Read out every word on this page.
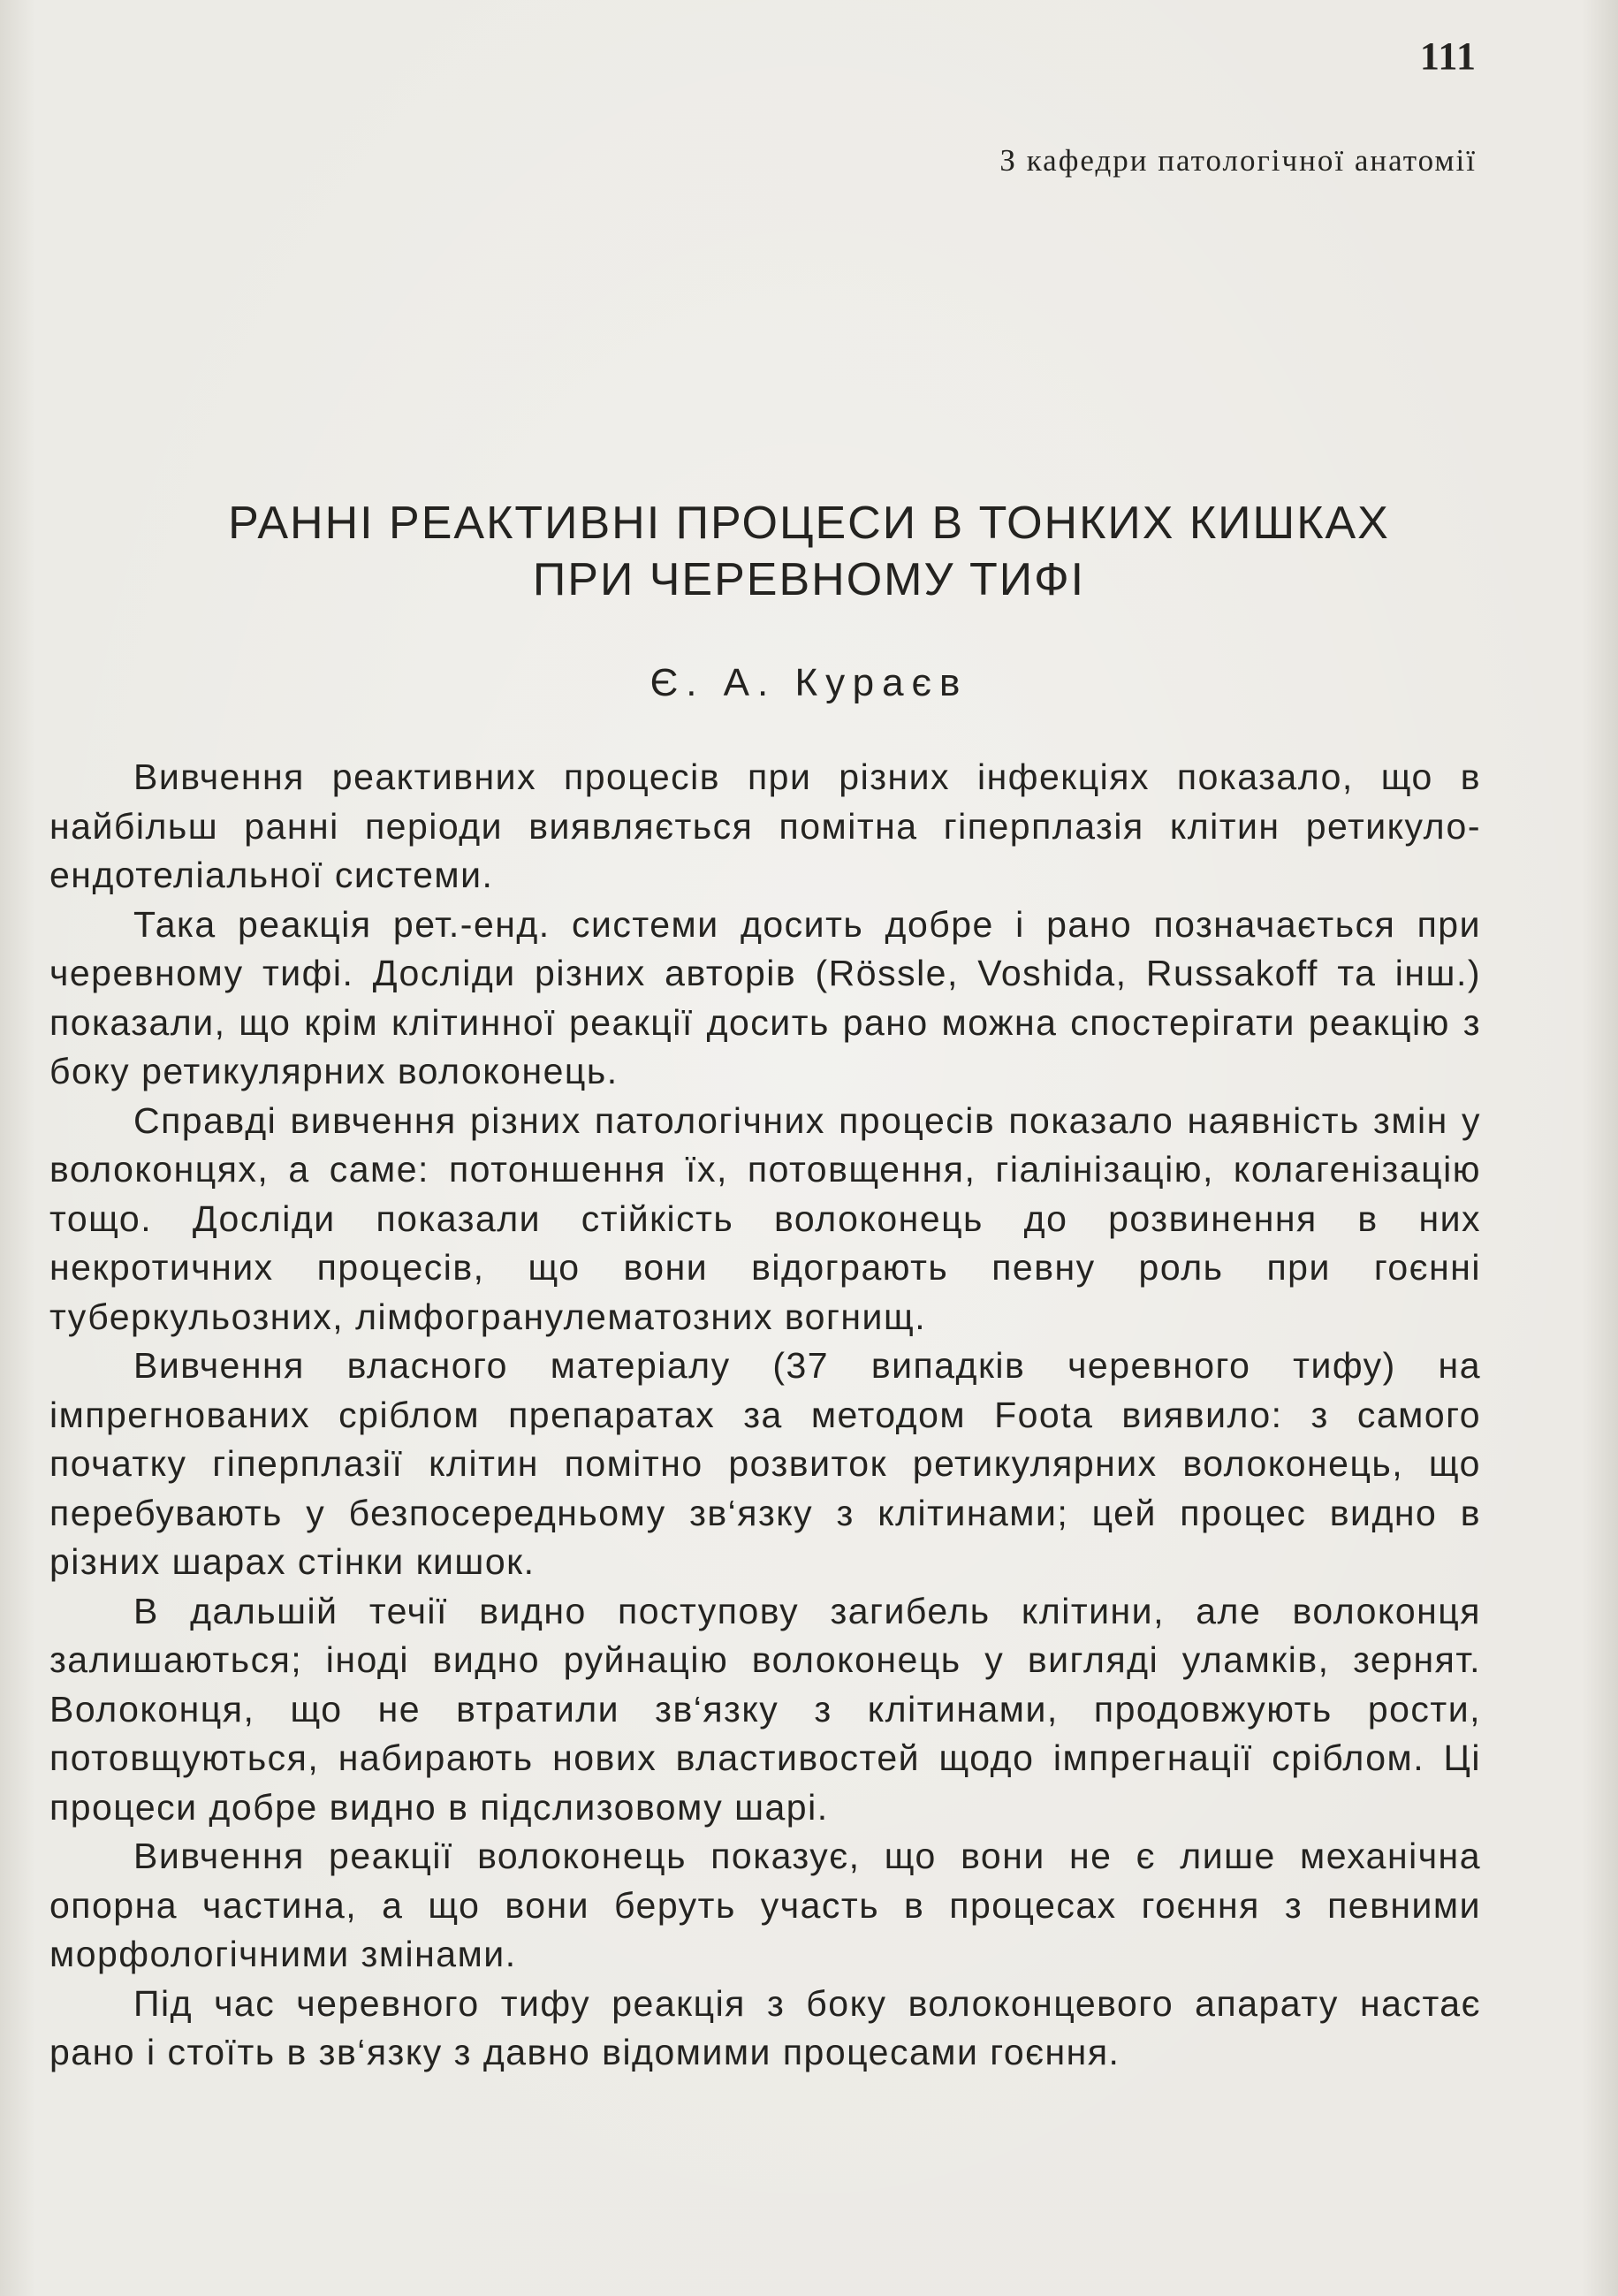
111
З кафедри патологічної анатомії
РАННІ РЕАКТИВНІ ПРОЦЕСИ В ТОНКИХ КИШКАХ
ПРИ ЧЕРЕВНОМУ ТИФІ
Є. А. Кураєв

Вивчення реактивних процесів при різних інфекціях показало, що в найбільш ранні періоди виявляється помітна гіперплазія клітин ретикуло-ендотеліальної системи.

Така реакція рет.-енд. системи досить добре і рано позначається при черевному тифі. Досліди різних авторів (Rössle, Voshida, Russakoff та інш.) показали, що крім клітинної реакції досить рано можна спостерігати реакцію з боку ретикулярних волоконець.

Справді вивчення різних патологічних процесів показало наявність змін у волоконцях, а саме: потоншення їх, потовщення, гіалінізацію, колагенізацію тощо. Досліди показали стійкість волоконець до розвинення в них некротичних процесів, що вони відограють певну роль при гоєнні туберкульозних, лімфогранулематозних вогнищ.

Вивчення власного матеріалу (37 випадків черевного тифу) на імпрегнованих сріблом препаратах за методом Foota виявило: з самого початку гіперплазії клітин помітно розвиток ретикулярних волоконець, що перебувають у безпосередньому зв‘язку з клітинами; цей процес видно в різних шарах стінки кишок.

В дальшій течії видно поступову загибель клітини, але волоконця залишаються; іноді видно руйнацію волоконець у вигляді уламків, зернят. Волоконця, що не втратили зв‘язку з клітинами, продовжують рости, потовщуються, набирають нових властивостей щодо імпрегнації сріблом. Ці процеси добре видно в підслизовому шарі.

Вивчення реакції волоконець показує, що вони не є лише механічна опорна частина, а що вони беруть участь в процесах гоєння з певними морфологічними змінами.

Під час черевного тифу реакція з боку волоконцевого апарату настає рано і стоїть в зв‘язку з давно відомими процесами гоєння.
